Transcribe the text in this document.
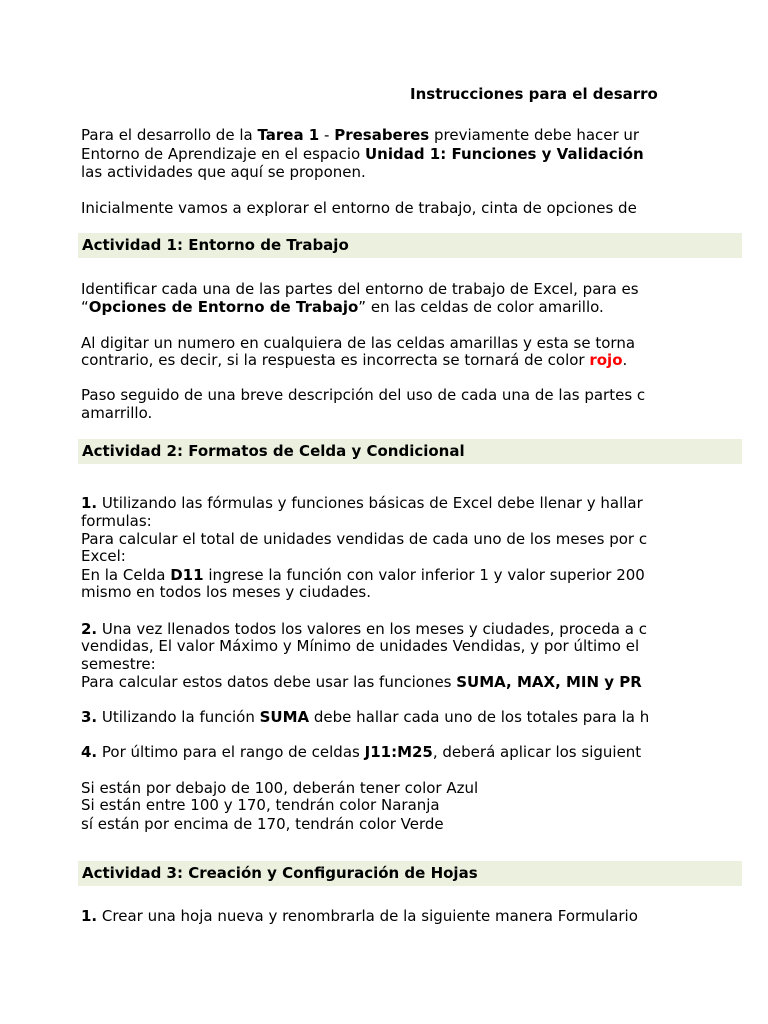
Actividad 1: Entorno de Trabajo
Actividad 2: Formatos de Celda y Condicional
Actividad 3: Creación y Configuración de Hojas
Instrucciones para el desarro
Para el desarrollo de la Tarea 1 - Presaberes previamente debe hacer ur
Entorno de Aprendizaje en el espacio Unidad 1: Funciones y Validación
las actividades que aquí se proponen.
Inicialmente vamos a explorar el entorno de trabajo, cinta de opciones de
Identificar cada una de las partes del entorno de trabajo de Excel, para es
“Opciones de Entorno de Trabajo” en las celdas de color amarillo.
Al digitar un numero en cualquiera de las celdas amarillas y esta se torna
contrario, es decir, si la respuesta es incorrecta se tornará de color rojo.
Paso seguido de una breve descripción del uso de cada una de las partes c
amarrillo.
1. Utilizando las fórmulas y funciones básicas de Excel debe llenar y hallar
formulas:
Para calcular el total de unidades vendidas de cada uno de los meses por c
Excel:
En la Celda D11 ingrese la función con valor inferior 1 y valor superior 200
mismo en todos los meses y ciudades.
2. Una vez llenados todos los valores en los meses y ciudades, proceda a c
vendidas, El valor Máximo y Mínimo de unidades Vendidas, y por último el
semestre:
Para calcular estos datos debe usar las funciones SUMA, MAX, MIN y PR
3. Utilizando la función SUMA debe hallar cada uno de los totales para la h
4. Por último para el rango de celdas J11:M25, deberá aplicar los siguient
Si están por debajo de 100, deberán tener color Azul
Si están entre 100 y 170, tendrán color Naranja
sí están por encima de 170, tendrán color Verde
1. Crear una hoja nueva y renombrarla de la siguiente manera Formulario
